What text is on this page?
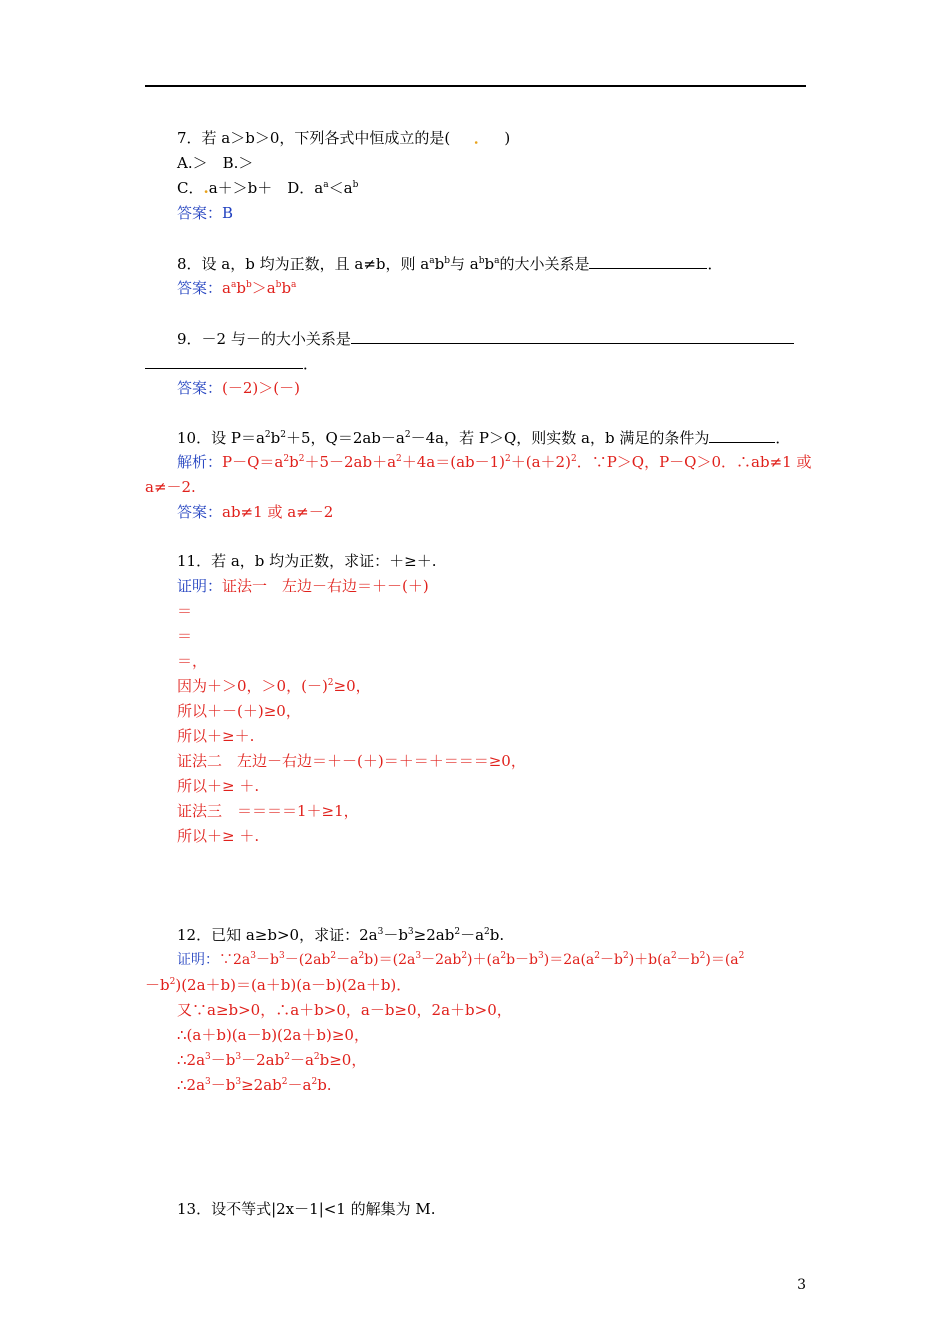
7．若 a＞b＞0，下列各式中恒成立的是( ． )
A.＞　B.＞
C．.a＋＞b＋　D．$a^a<a^b$
答案：B
8．设 a，b 均为正数，且 a≠b，则 $a^ab^b$与 $a^bb^a$的大小关系是	．
答案：$a^ab^b>a^bb^a$
9．－2 与－的大小关系是
．
答案：(－2)＞(－)
10．设 $P=a^2b^2+5$，$Q=2ab-a^2-4a$，若 P＞Q，则实数 a，b 满足的条件为	．
解析：$P-Q=a^2b^2+5-2ab+a^2+4a=(ab-1)^2+(a+2)^2$．∵P＞Q，P－Q＞0．∴ab≠1 或
a≠－2.
答案：ab≠1 或 a≠－2
11．若 a，b 均为正数，求证：＋≥＋.
证明：证法一　左边－右边＝＋－(＋)
＝
＝
＝，
因为＋＞0，＞0，$(-)^2\ge 0$，
所以＋－(＋)≥0，
所以＋≥＋.
证法二　左边－右边＝＋－(＋)＝＋＝＋＝＝＝≥0，
所以＋≥ ＋.
证法三　＝＝＝＝1＋≥1，
所以＋≥ ＋.
12．已知 a≥b>0，求证：$2a^3-b^3\ge 2ab^2-a^2b$.
证明：$\because 2a^3-b^3-(2ab^2-a^2b)=(2a^3-2ab^2)+(a^2b-b^3)=2a(a^2-b^2)+b(a^2-b^2)=(a^2$
$-b^2)(2a+b)=(a+b)(a-b)(2a+b)$．
又∵a≥b>0，∴a＋b>0，a－b≥0，2a＋b>0，
∴(a＋b)(a－b)(2a＋b)≥0，
$\therefore 2a^3-b^3-2ab^2-a^2b\ge 0$，
$\therefore 2a^3-b^3\ge 2ab^2-a^2b$.
13．设不等式|2x－1|<1 的解集为 M.
3
